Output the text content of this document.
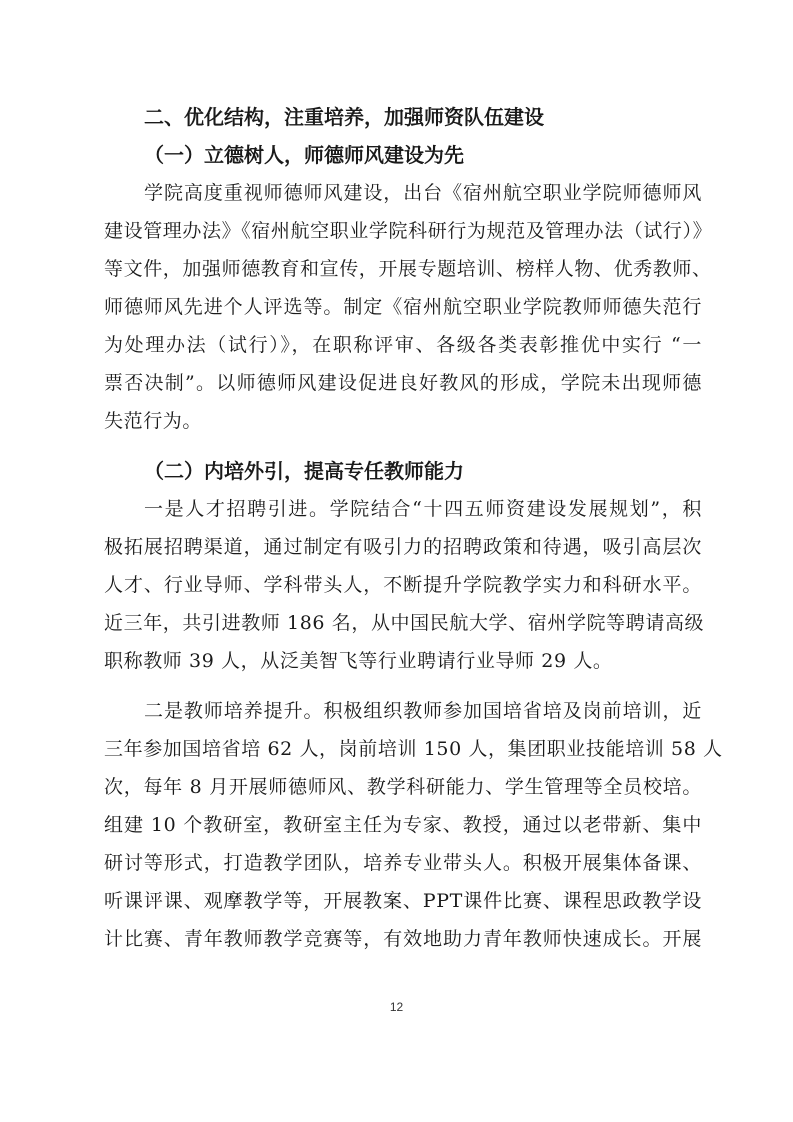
二、优化结构，注重培养，加强师资队伍建设
（一）立德树人，师德师风建设为先

学院高度重视师德师风建设，出台《宿州航空职业学院师德师风
建设管理办法》《宿州航空职业学院科研行为规范及管理办法（试行）》
等文件，加强师德教育和宣传，开展专题培训、榜样人物、优秀教师、
师德师风先进个人评选等。制定《宿州航空职业学院教师师德失范行
为处理办法（试行）》，在职称评审、各级各类表彰推优中实行 “一
票否决制”。以师德师风建设促进良好教风的形成，学院未出现师德
失范行为。

（二）内培外引，提高专任教师能力

一是人才招聘引进。学院结合“十四五师资建设发展规划”，积
极拓展招聘渠道，通过制定有吸引力的招聘政策和待遇，吸引高层次
人才、行业导师、学科带头人，不断提升学院教学实力和科研水平。
近三年，共引进教师 186 名，从中国民航大学、宿州学院等聘请高级
职称教师 39 人，从泛美智飞等行业聘请行业导师 29 人。

二是教师培养提升。积极组织教师参加国培省培及岗前培训，近
三年参加国培省培 62 人，岗前培训 150 人，集团职业技能培训 58 人
次，每年 8 月开展师德师风、教学科研能力、学生管理等全员校培。
组建 10 个教研室，教研室主任为专家、教授，通过以老带新、集中
研讨等形式，打造教学团队，培养专业带头人。积极开展集体备课、
听课评课、观摩教学等，开展教案、PPT课件比赛、课程思政教学设
计比赛、青年教师教学竞赛等，有效地助力青年教师快速成长。开展

12
